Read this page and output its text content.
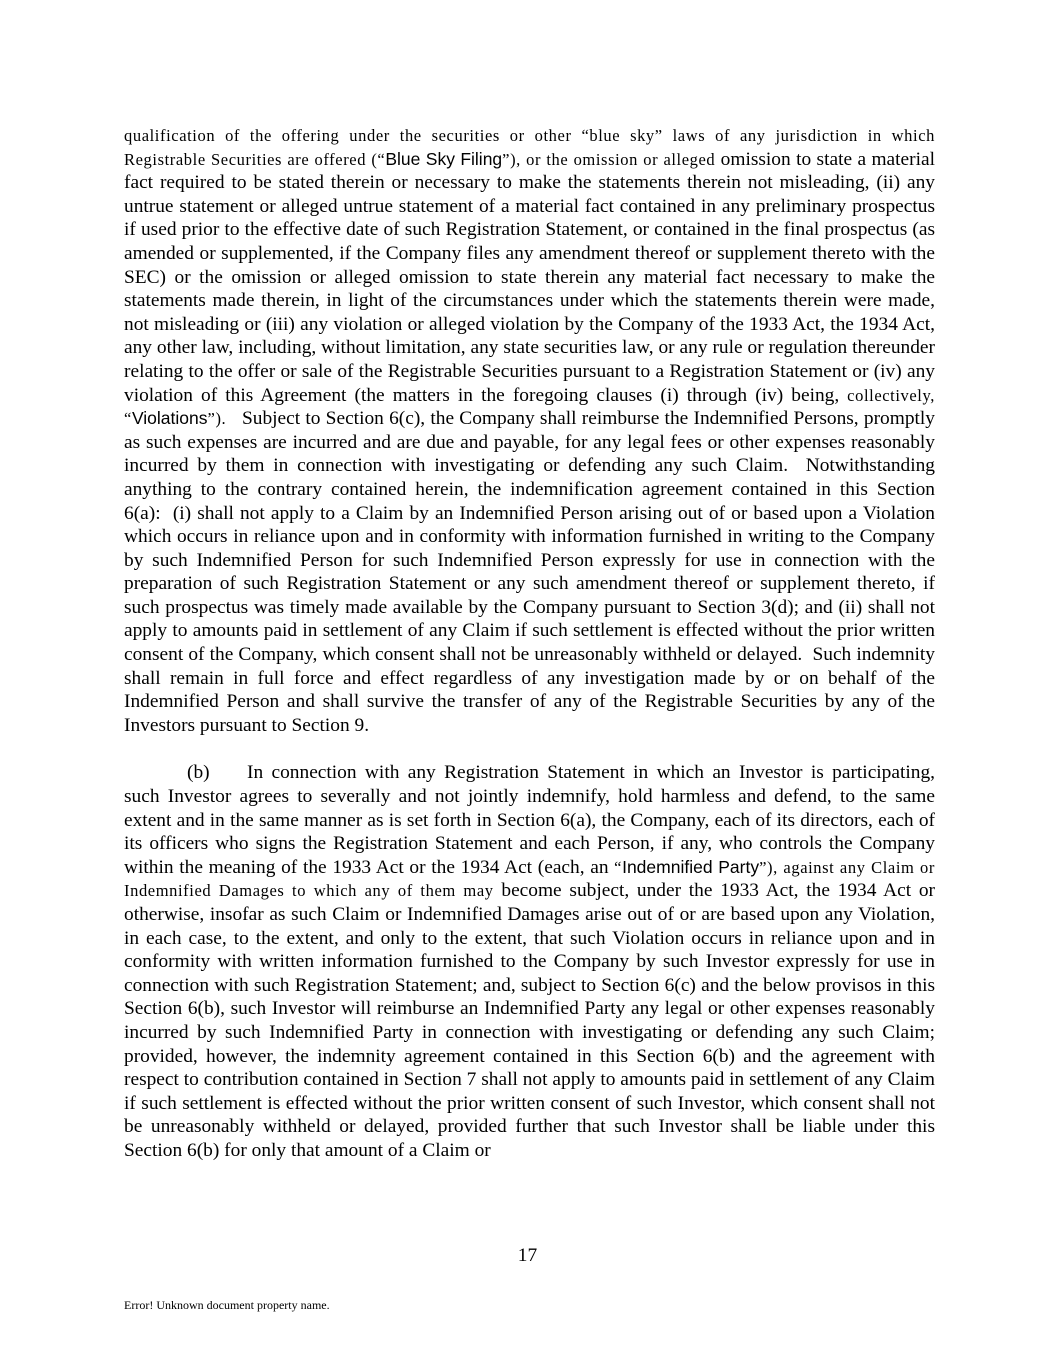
qualification of the offering under the securities or other “blue sky” laws of any jurisdiction in which Registrable Securities are offered (“Blue Sky Filing”), or the omission or alleged omission to state a material fact required to be stated therein or necessary to make the statements therein not misleading, (ii) any untrue statement or alleged untrue statement of a material fact contained in any preliminary prospectus if used prior to the effective date of such Registration Statement, or contained in the final prospectus (as amended or supplemented, if the Company files any amendment thereof or supplement thereto with the SEC) or the omission or alleged omission to state therein any material fact necessary to make the statements made therein, in light of the circumstances under which the statements therein were made, not misleading or (iii) any violation or alleged violation by the Company of the 1933 Act, the 1934 Act, any other law, including, without limitation, any state securities law, or any rule or regulation thereunder relating to the offer or sale of the Registrable Securities pursuant to a Registration Statement or (iv) any violation of this Agreement (the matters in the foregoing clauses (i) through (iv) being, collectively, “Violations”).   Subject to Section 6(c), the Company shall reimburse the Indemnified Persons, promptly as such expenses are incurred and are due and payable, for any legal fees or other expenses reasonably incurred by them in connection with investigating or defending any such Claim.  Notwithstanding anything to the contrary contained herein, the indemnification agreement contained in this Section 6(a):  (i) shall not apply to a Claim by an Indemnified Person arising out of or based upon a Violation which occurs in reliance upon and in conformity with information furnished in writing to the Company by such Indemnified Person for such Indemnified Person expressly for use in connection with the preparation of such Registration Statement or any such amendment thereof or supplement thereto, if such prospectus was timely made available by the Company pursuant to Section 3(d); and (ii) shall not apply to amounts paid in settlement of any Claim if such settlement is effected without the prior written consent of the Company, which consent shall not be unreasonably withheld or delayed.  Such indemnity shall remain in full force and effect regardless of any investigation made by or on behalf of the Indemnified Person and shall survive the transfer of any of the Registrable Securities by any of the Investors pursuant to Section 9.

(b) In connection with any Registration Statement in which an Investor is participating, such Investor agrees to severally and not jointly indemnify, hold harmless and defend, to the same extent and in the same manner as is set forth in Section 6(a), the Company, each of its directors, each of its officers who signs the Registration Statement and each Person, if any, who controls the Company within the meaning of the 1933 Act or the 1934 Act (each, an “Indemnified Party”), against any Claim or Indemnified Damages to which any of them may become subject, under the 1933 Act, the 1934 Act or otherwise, insofar as such Claim or Indemnified Damages arise out of or are based upon any Violation, in each case, to the extent, and only to the extent, that such Violation occurs in reliance upon and in conformity with written information furnished to the Company by such Investor expressly for use in connection with such Registration Statement; and, subject to Section 6(c) and the below provisos in this Section 6(b), such Investor will reimburse an Indemnified Party any legal or other expenses reasonably incurred by such Indemnified Party in connection with investigating or defending any such Claim; provided, however, the indemnity agreement contained in this Section 6(b) and the agreement with respect to contribution contained in Section 7 shall not apply to amounts paid in settlement of any Claim if such settlement is effected without the prior written consent of such Investor, which consent shall not be unreasonably withheld or delayed, provided further that such Investor shall be liable under this Section 6(b) for only that amount of a Claim or

17
Error! Unknown document property name.
